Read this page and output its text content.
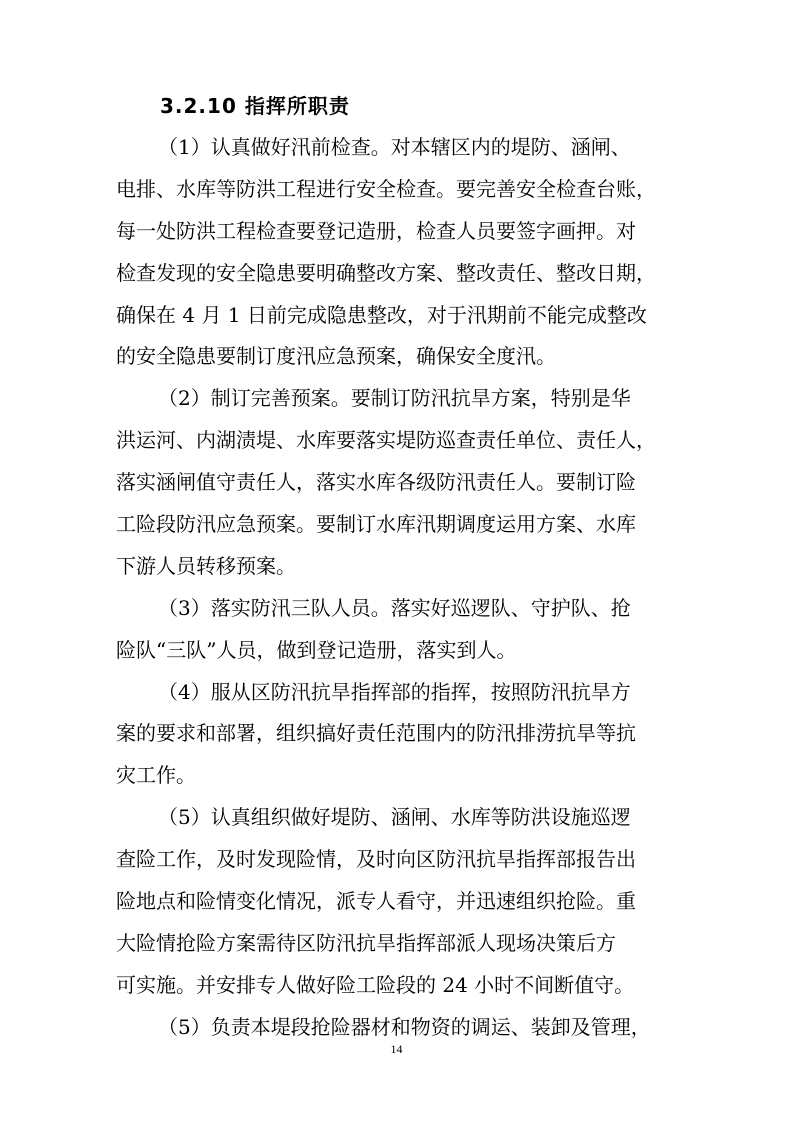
3.2.10 指挥所职责
（1）认真做好汛前检查。对本辖区内的堤防、涵闸、
电排、水库等防洪工程进行安全检查。要完善安全检查台账，
每一处防洪工程检查要登记造册，检查人员要签字画押。对
检查发现的安全隐患要明确整改方案、整改责任、整改日期，
确保在 4 月 1 日前完成隐患整改，对于汛期前不能完成整改
的安全隐患要制订度汛应急预案，确保安全度汛。
（2）制订完善预案。要制订防汛抗旱方案，特别是华
洪运河、内湖渍堤、水库要落实堤防巡查责任单位、责任人，
落实涵闸值守责任人，落实水库各级防汛责任人。要制订险
工险段防汛应急预案。要制订水库汛期调度运用方案、水库
下游人员转移预案。
（3）落实防汛三队人员。落实好巡逻队、守护队、抢
险队“三队”人员，做到登记造册，落实到人。
（4）服从区防汛抗旱指挥部的指挥，按照防汛抗旱方
案的要求和部署，组织搞好责任范围内的防汛排涝抗旱等抗
灾工作。
（5）认真组织做好堤防、涵闸、水库等防洪设施巡逻
查险工作，及时发现险情，及时向区防汛抗旱指挥部报告出
险地点和险情变化情况，派专人看守，并迅速组织抢险。重
大险情抢险方案需待区防汛抗旱指挥部派人现场决策后方
可实施。并安排专人做好险工险段的 24 小时不间断值守。
（5）负责本堤段抢险器材和物资的调运、装卸及管理，
14
